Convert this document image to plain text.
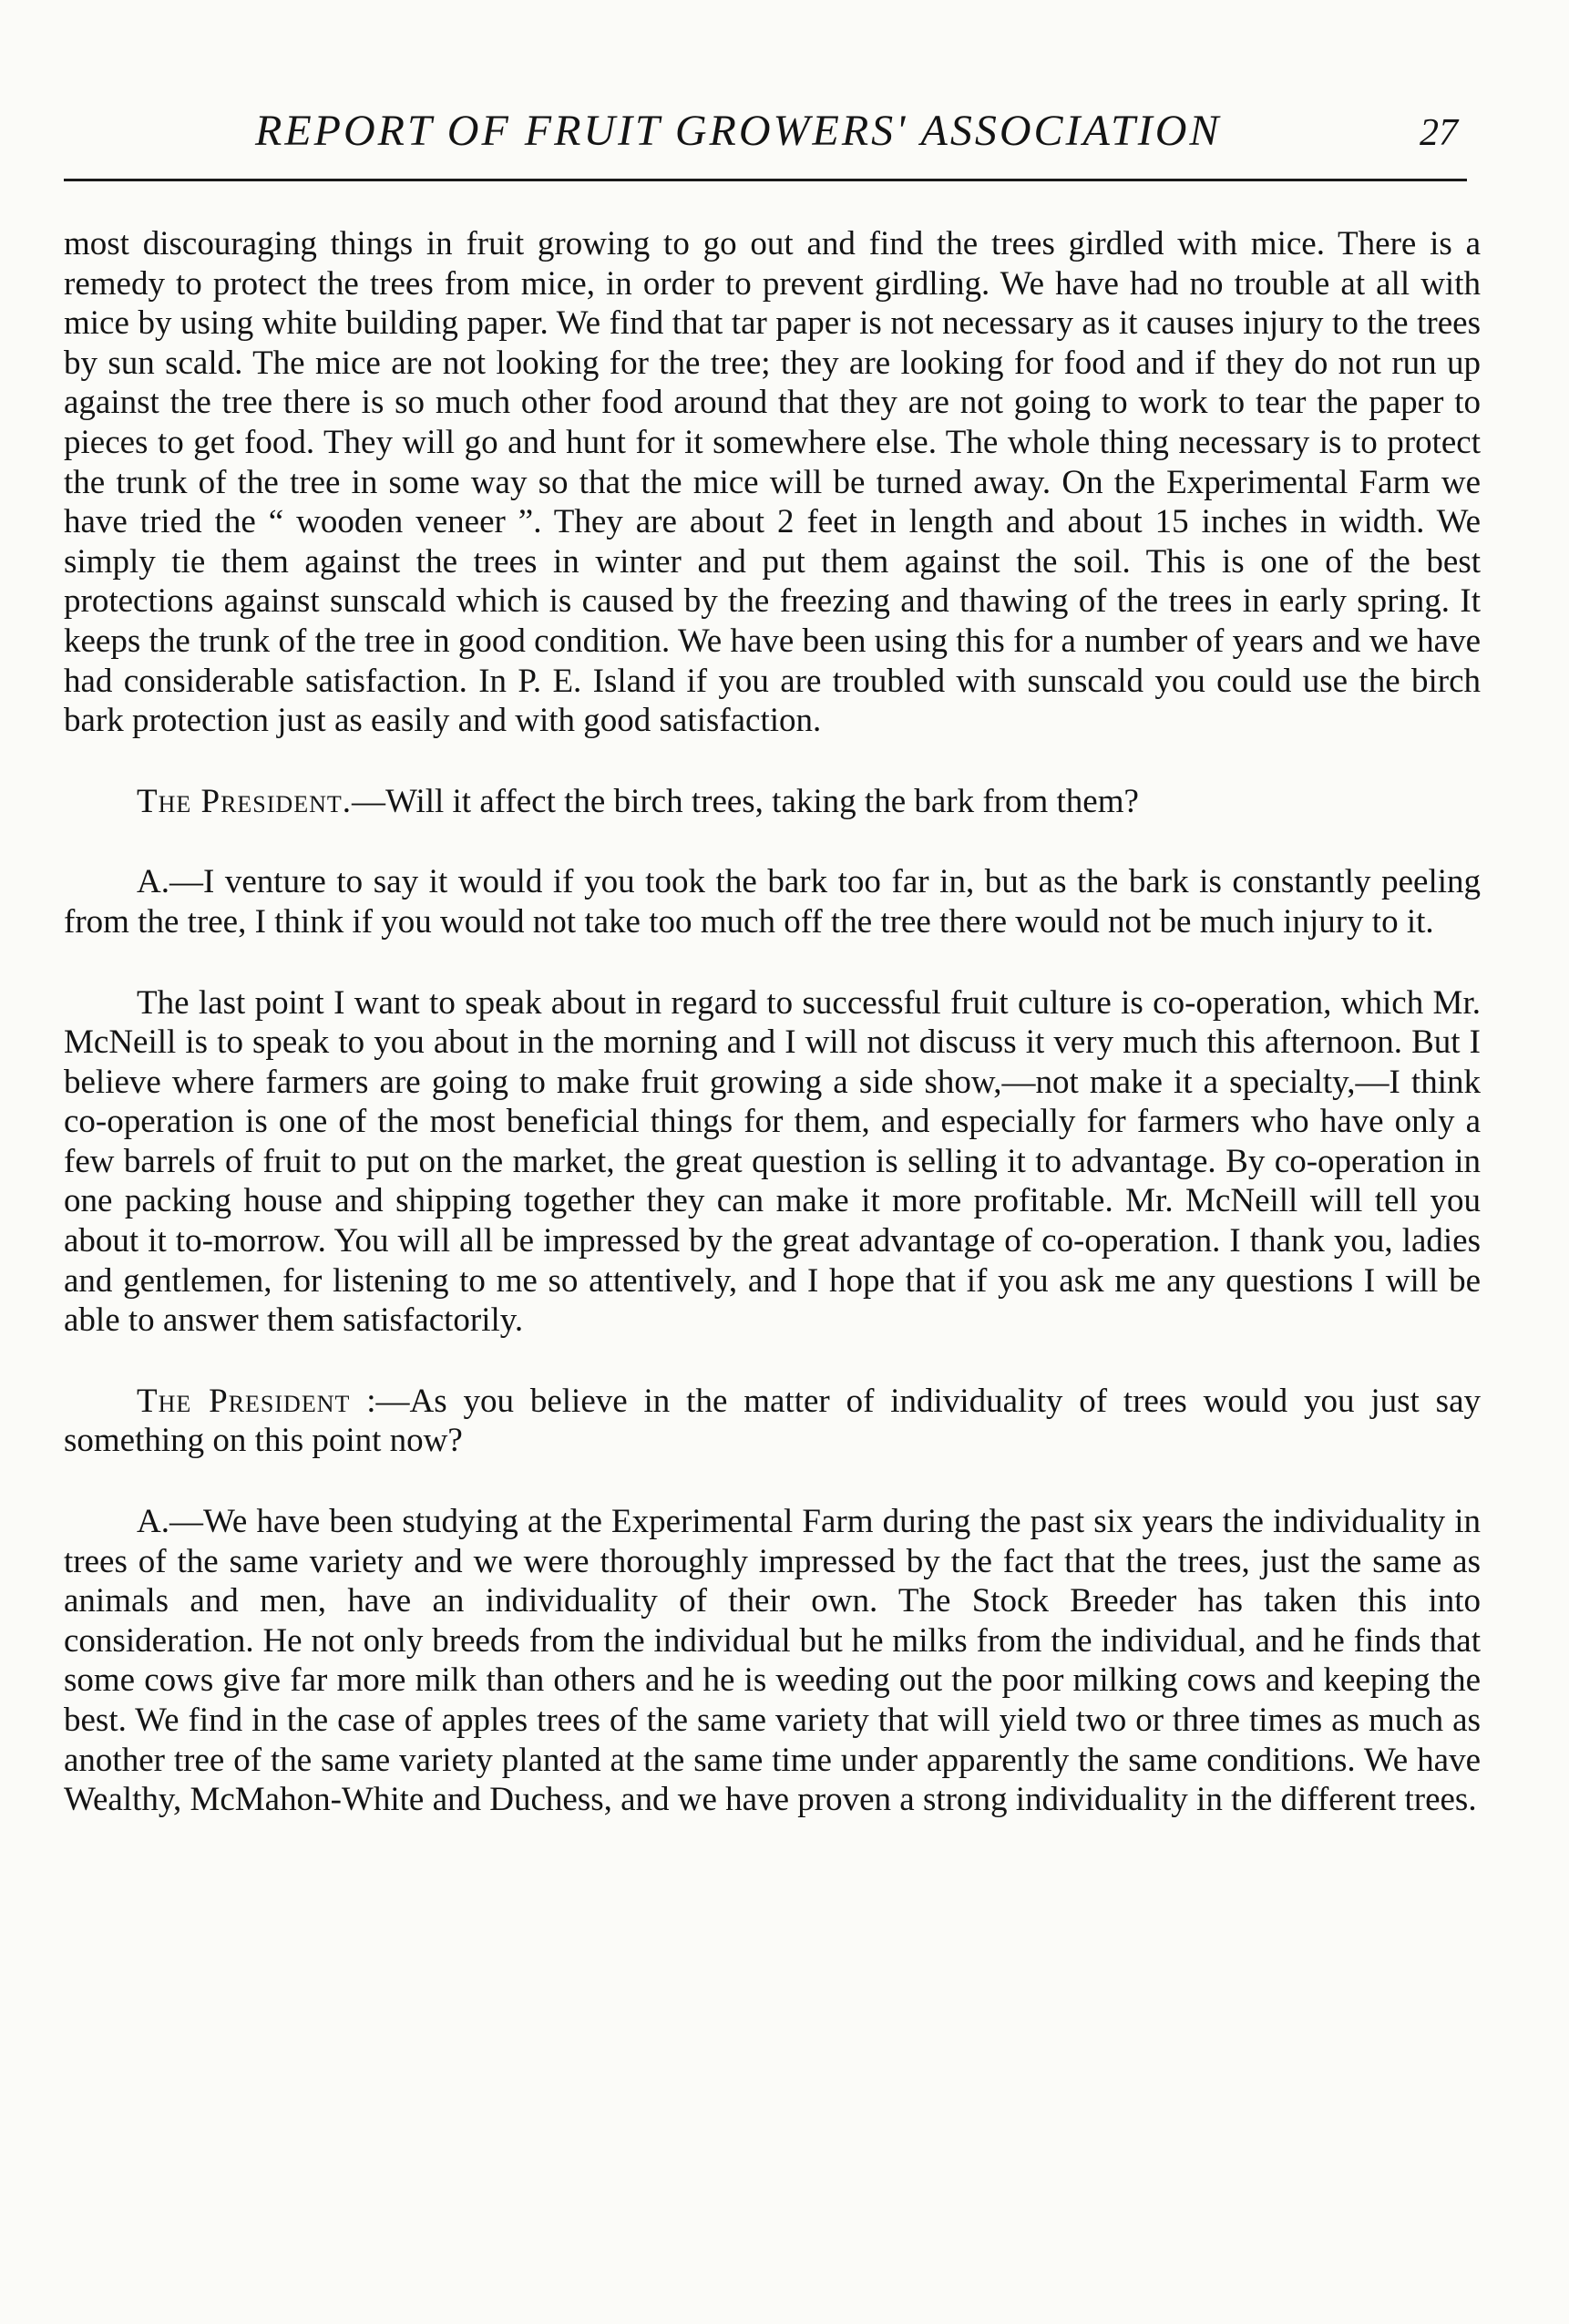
REPORT OF FRUIT GROWERS' ASSOCIATION	27

most discouraging things in fruit growing to go out and find the trees girdled with mice. There is a remedy to protect the trees from mice, in order to prevent girdling. We have had no trouble at all with mice by using white building paper. We find that tar paper is not necessary as it causes injury to the trees by sun scald. The mice are not looking for the tree; they are looking for food and if they do not run up against the tree there is so much other food around that they are not going to work to tear the paper to pieces to get food. They will go and hunt for it somewhere else. The whole thing necessary is to protect the trunk of the tree in some way so that the mice will be turned away. On the Experimental Farm we have tried the “ wooden veneer ”. They are about 2 feet in length and about 15 inches in width. We simply tie them against the trees in winter and put them against the soil. This is one of the best protections against sunscald which is caused by the freezing and thawing of the trees in early spring. It keeps the trunk of the tree in good condition. We have been using this for a number of years and we have had considerable satisfaction. In P. E. Island if you are troubled with sunscald you could use the birch bark protection just as easily and with good satisfaction.

The President.—Will it affect the birch trees, taking the bark from them?

A.—I venture to say it would if you took the bark too far in, but as the bark is constantly peeling from the tree, I think if you would not take too much off the tree there would not be much injury to it.

The last point I want to speak about in regard to successful fruit culture is co-operation, which Mr. McNeill is to speak to you about in the morning and I will not discuss it very much this afternoon. But I believe where farmers are going to make fruit growing a side show,—not make it a specialty,—I think co-operation is one of the most beneficial things for them, and especially for farmers who have only a few barrels of fruit to put on the market, the great question is selling it to advantage. By co-operation in one packing house and shipping together they can make it more profitable. Mr. McNeill will tell you about it to-morrow. You will all be impressed by the great advantage of co-operation. I thank you, ladies and gentlemen, for listening to me so attentively, and I hope that if you ask me any questions I will be able to answer them satisfactorily.

The President :—As you believe in the matter of individuality of trees would you just say something on this point now?

A.—We have been studying at the Experimental Farm during the past six years the individuality in trees of the same variety and we were thoroughly impressed by the fact that the trees, just the same as animals and men, have an individuality of their own. The Stock Breeder has taken this into consideration. He not only breeds from the individual but he milks from the individual, and he finds that some cows give far more milk than others and he is weeding out the poor milking cows and keeping the best. We find in the case of apples trees of the same variety that will yield two or three times as much as another tree of the same variety planted at the same time under apparently the same conditions. We have Wealthy, McMahon-White and Duchess, and we have proven a strong individuality in the different trees.
